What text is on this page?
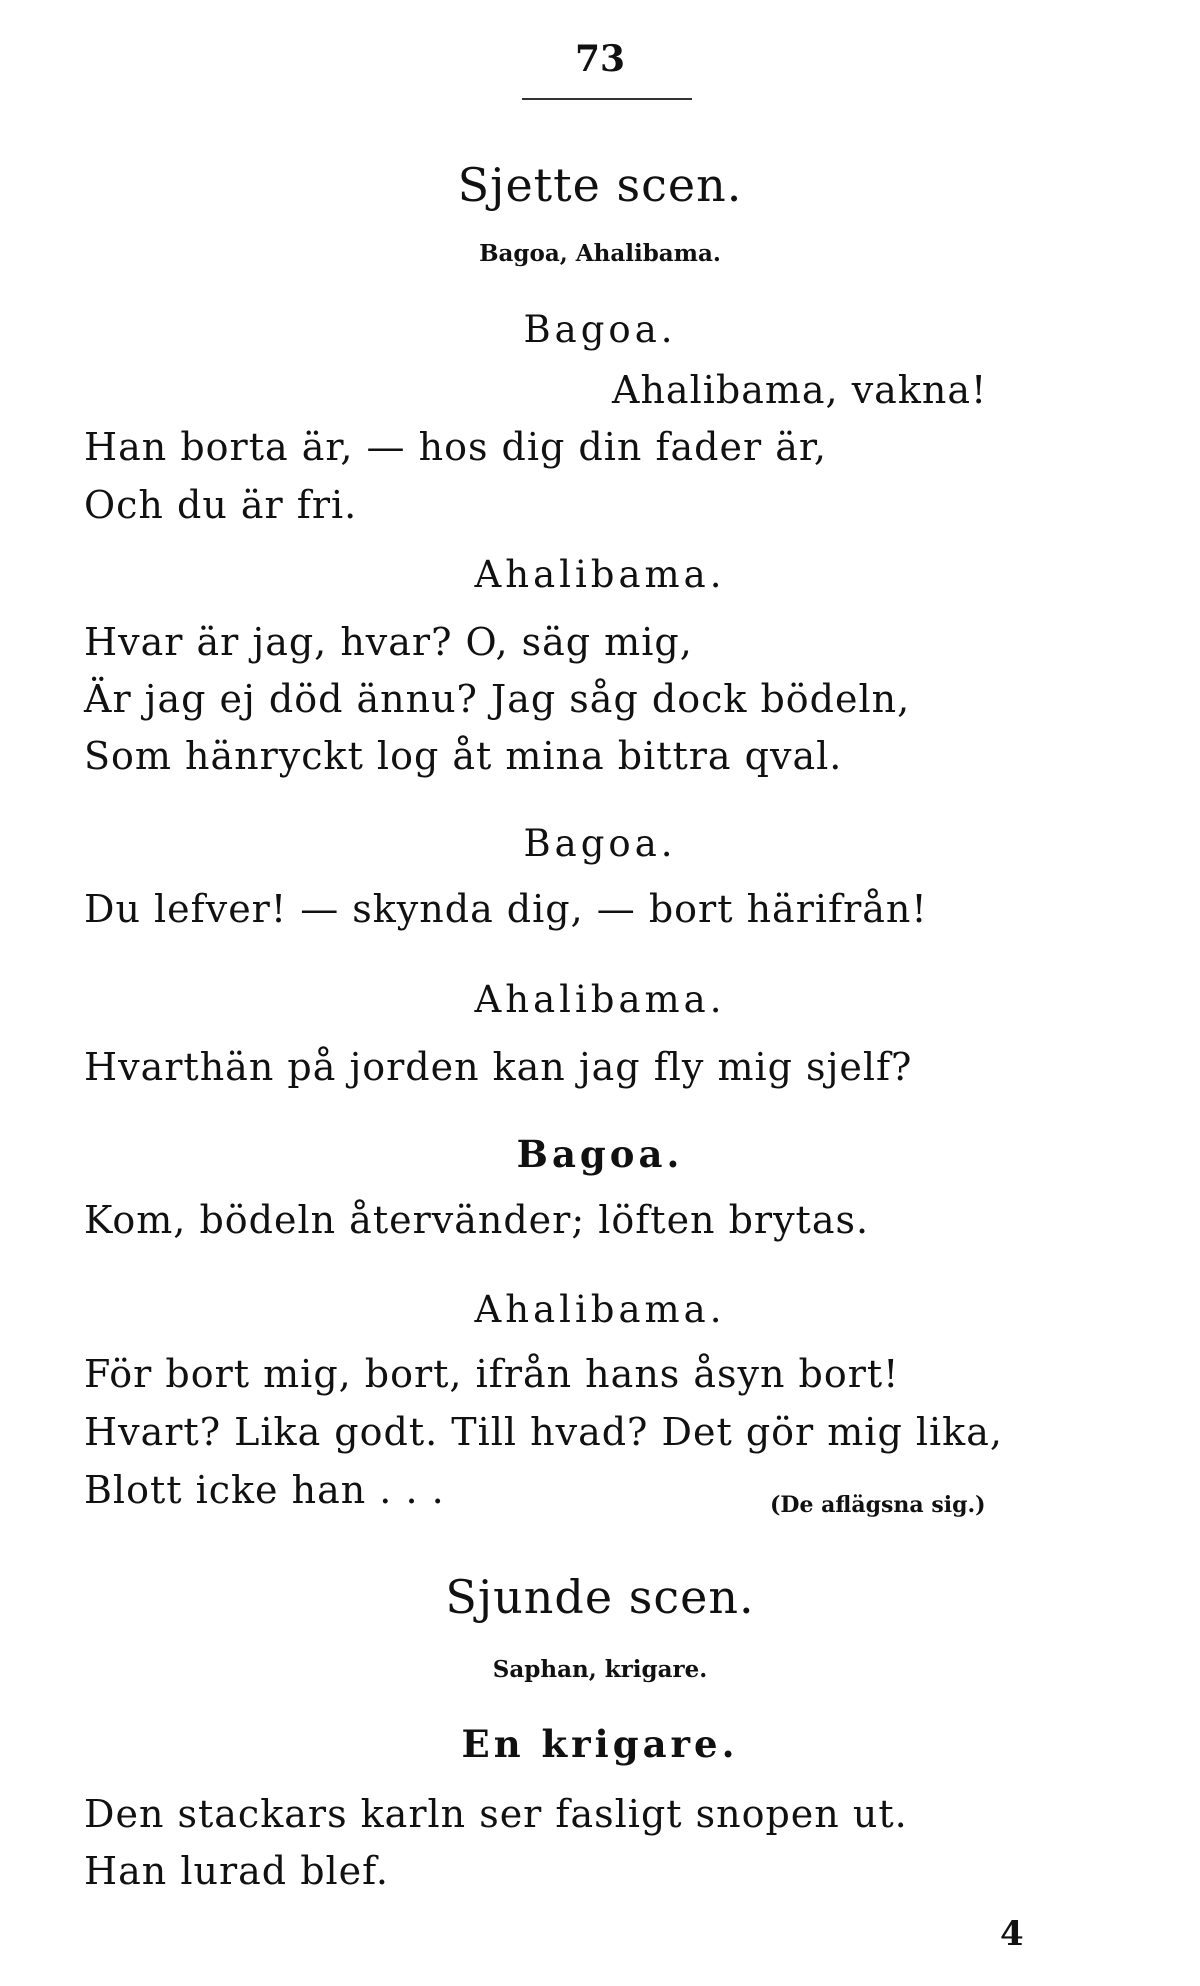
73
Sjette scen.
Bagoa, Ahalibama.
Bagoa.
Ahalibama, vakna!
Han borta är, — hos dig din fader är,
Och du är fri.
Ahalibama.
Hvar är jag, hvar? O, säg mig,
Är jag ej död ännu? Jag såg dock bödeln,
Som hänryckt log åt mina bittra qval.
Bagoa.
Du lefver! — skynda dig, — bort härifrån!
Ahalibama.
Hvarthän på jorden kan jag fly mig sjelf?
Bagoa.
Kom, bödeln återvänder; löften brytas.
Ahalibama.
För bort mig, bort, ifrån hans åsyn bort!
Hvart? Lika godt. Till hvad? Det gör mig lika,
Blott icke han . . .	(De aflägsna sig.)
Sjunde scen.
Saphan, krigare.
En krigare.
Den stackars karln ser fasligt snopen ut.
Han lurad blef.
4
